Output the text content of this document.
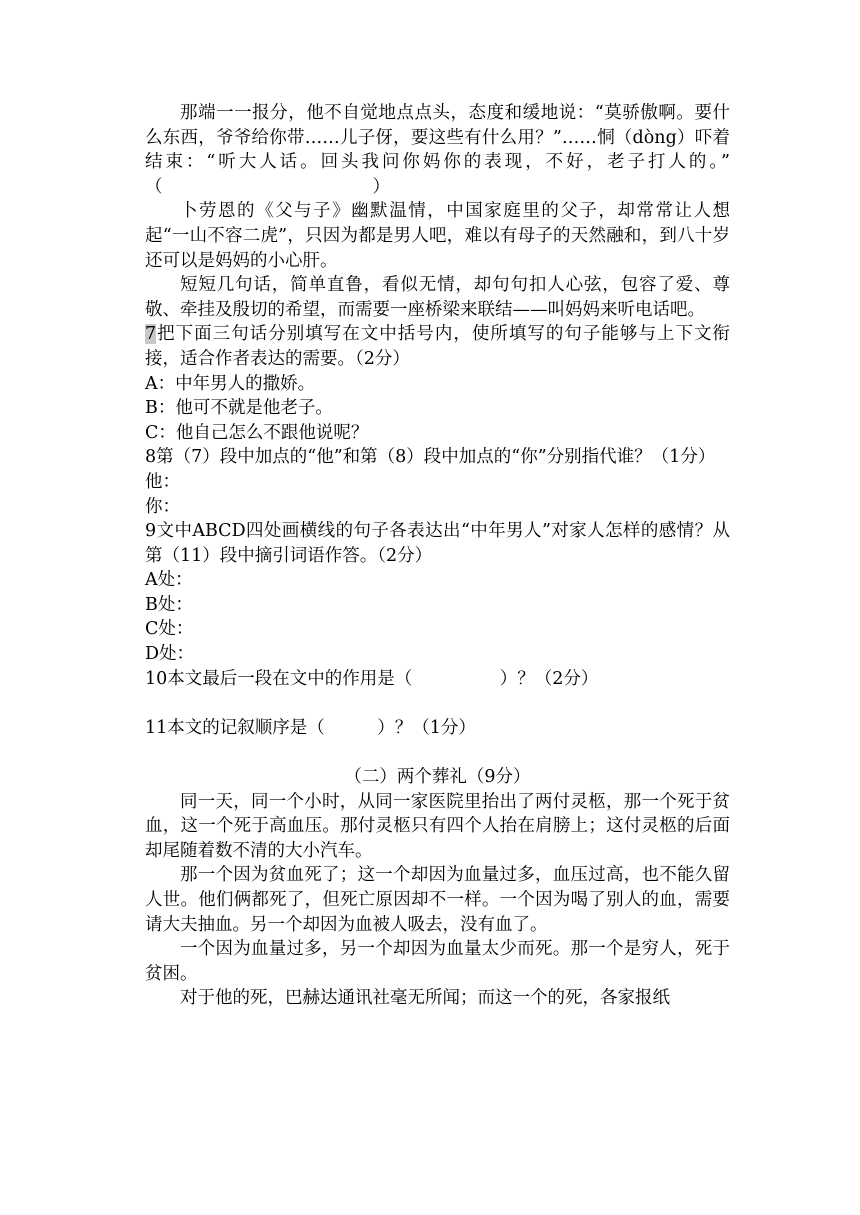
那端一一报分，他不自觉地点点头，态度和缓地说：“莫骄傲啊。要什么东西，爷爷给你带……儿子伢，要这些有什么用？”……恫（dòng）吓着结束：“听大人话。回头我问你妈你的表现，不好，老子打人的。”　（　　　　　　　　　　　　）

卜劳恩的《父与子》幽默温情，中国家庭里的父子，却常常让人想起“一山不容二虎”，只因为都是男人吧，难以有母子的天然融和，到八十岁还可以是妈妈的小心肝。

短短几句话，简单直鲁，看似无情，却句句扣人心弦，包容了爱、尊敬、牵挂及殷切的希望，而需要一座桥梁来联结——叫妈妈来听电话吧。

7把下面三句话分别填写在文中括号内，使所填写的句子能够与上下文衔接，适合作者表达的需要。（2分）

A：中年男人的撒娇。

B：他可不就是他老子。

C：他自己怎么不跟他说呢？

8第（7）段中加点的“他”和第（8）段中加点的“你”分别指代谁？（1分）

他：

你：

9文中ABCD四处画横线的句子各表达出“中年男人”对家人怎样的感情？从第（11）段中摘引词语作答。（2分）

A处：

B处：

C处：

D处：

10本文最后一段在文中的作用是（　　　　　）？（2分）

11本文的记叙顺序是（　　　）？（1分）

（二）两个葬礼（9分）

同一天，同一个小时，从同一家医院里抬出了两付灵柩，那一个死于贫血，这一个死于高血压。那付灵柩只有四个人抬在肩膀上；这付灵柩的后面却尾随着数不清的大小汽车。

那一个因为贫血死了；这一个却因为血量过多，血压过高，也不能久留人世。他们俩都死了，但死亡原因却不一样。一个因为喝了别人的血，需要请大夫抽血。另一个却因为血被人吸去，没有血了。

一个因为血量过多，另一个却因为血量太少而死。那一个是穷人，死于贫困。

对于他的死，巴赫达通讯社毫无所闻；而这一个的死，各家报纸
